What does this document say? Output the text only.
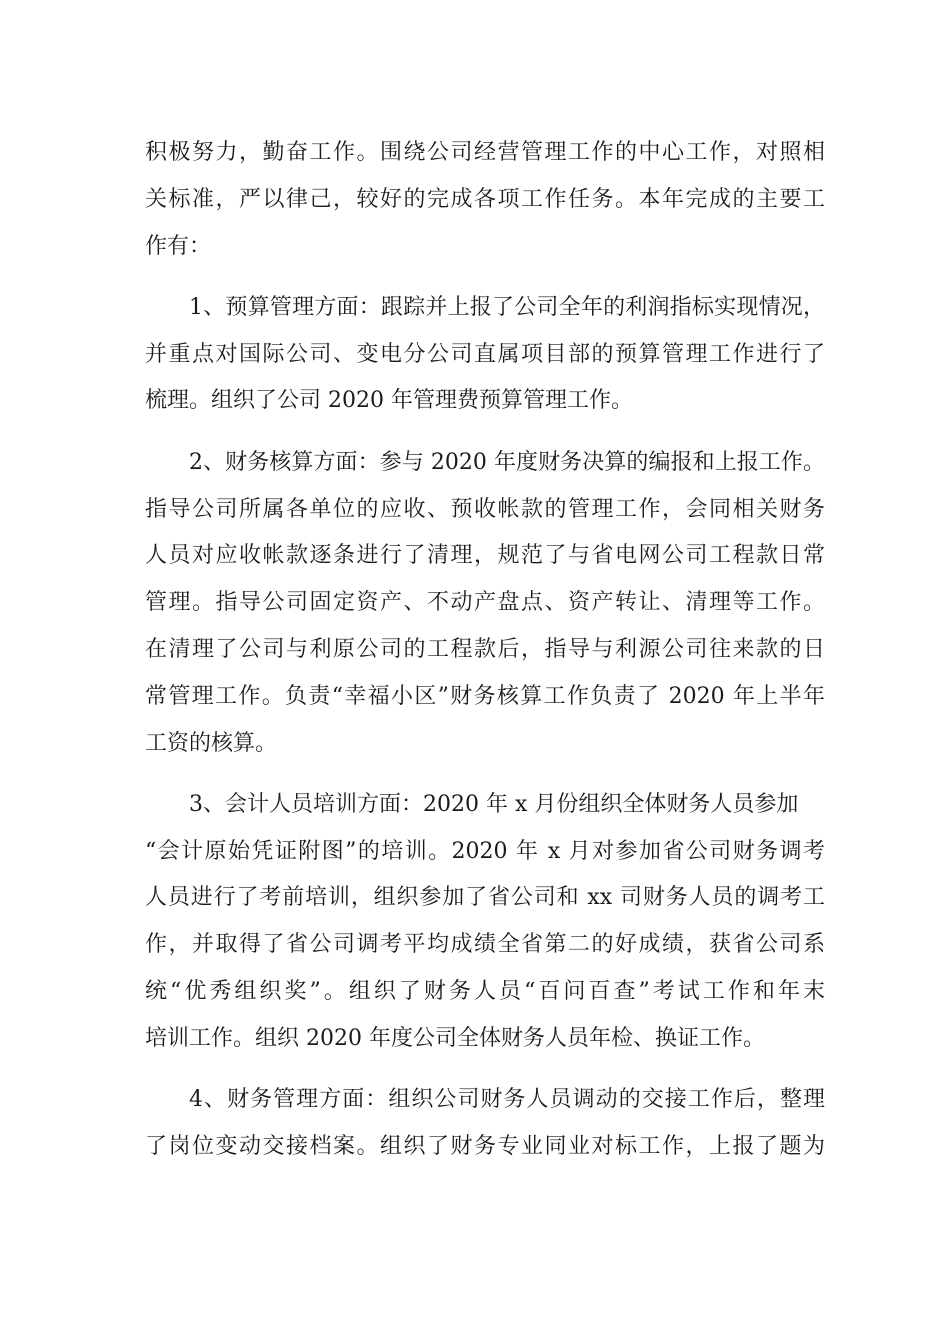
积极努力，勤奋工作。围绕公司经营管理工作的中心工作，对照相
关标准，严以律己，较好的完成各项工作任务。本年完成的主要工
作有：
1、预算管理方面：跟踪并上报了公司全年的利润指标实现情况，
并重点对国际公司、变电分公司直属项目部的预算管理工作进行了
梳理。组织了公司 2020 年管理费预算管理工作。
2、财务核算方面：参与 2020 年度财务决算的编报和上报工作。
指导公司所属各单位的应收、预收帐款的管理工作，会同相关财务
人员对应收帐款逐条进行了清理，规范了与省电网公司工程款日常
管理。指导公司固定资产、不动产盘点、资产转让、清理等工作。
在清理了公司与利原公司的工程款后，指导与利源公司往来款的日
常管理工作。负责“幸福小区”财务核算工作负责了 2020 年上半年
工资的核算。
3、会计人员培训方面：2020 年 x 月份组织全体财务人员参加
“会计原始凭证附图”的培训。2020 年 x 月对参加省公司财务调考
人员进行了考前培训，组织参加了省公司和 xx 司财务人员的调考工
作，并取得了省公司调考平均成绩全省第二的好成绩，获省公司系
统“优秀组织奖”。组织了财务人员“百问百查”考试工作和年末
培训工作。组织 2020 年度公司全体财务人员年检、换证工作。
4、财务管理方面：组织公司财务人员调动的交接工作后，整理
了岗位变动交接档案。组织了财务专业同业对标工作，上报了题为
